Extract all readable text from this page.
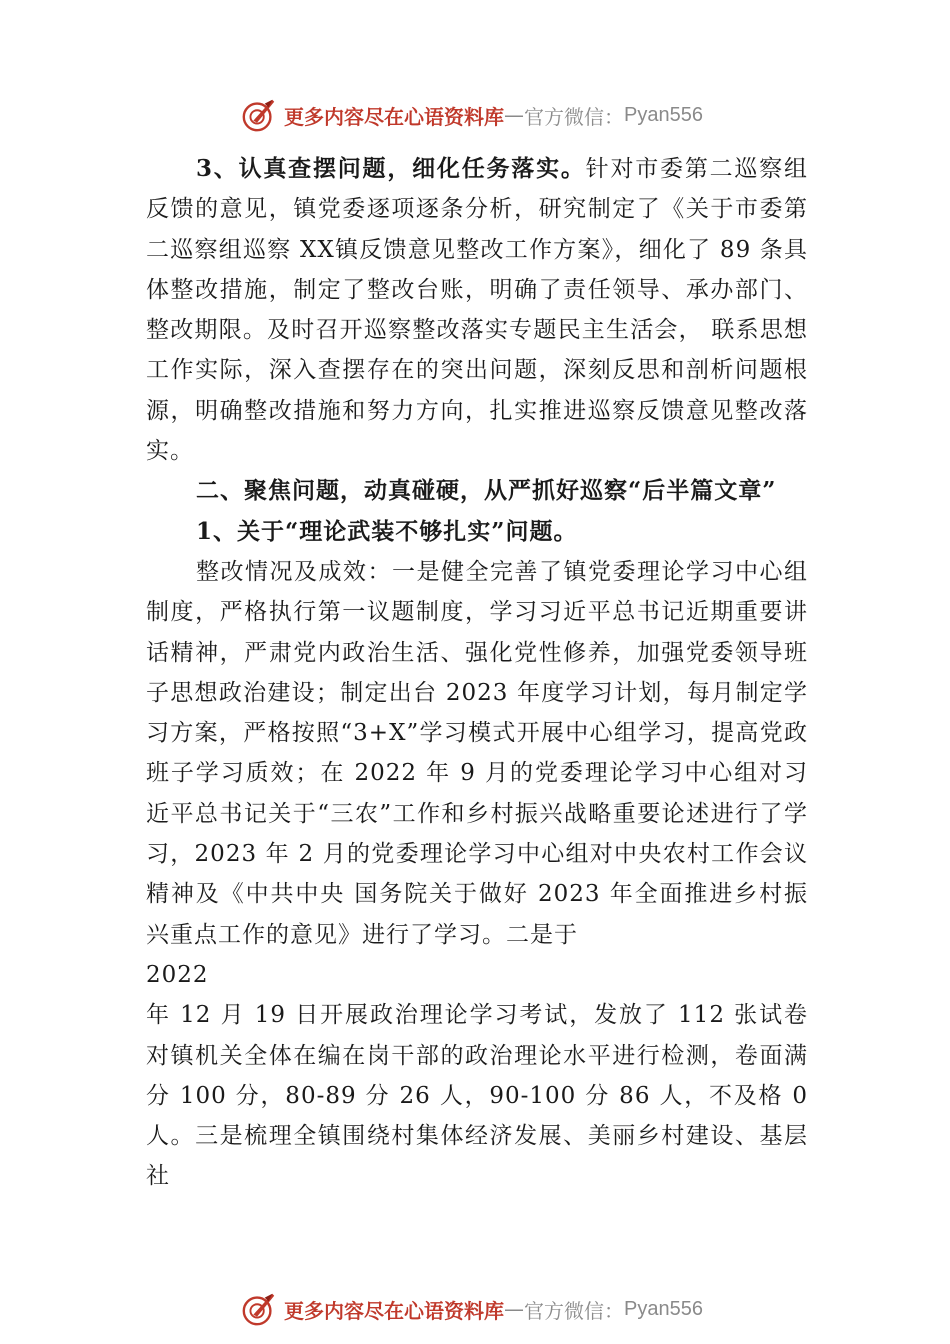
更多内容尽在心语资料库 — 官方微信： Pyan556

3、认真查摆问题，细化任务落实。针对市委第二巡察组反馈的意见，镇党委逐项逐条分析，研究制定了《关于市委第二巡察组巡察 XX镇反馈意见整改工作方案》，细化了 89 条具体整改措施，制定了整改台账，明确了责任领导、承办部门、整改期限。及时召开巡察整改落实专题民主生活会， 联系思想工作实际，深入查摆存在的突出问题，深刻反思和剖析问题根源，明确整改措施和努力方向，扎实推进巡察反馈意见整改落实。

二、聚焦问题，动真碰硬，从严抓好巡察“后半篇文章”

1、关于“理论武装不够扎实”问题。

整改情况及成效：一是健全完善了镇党委理论学习中心组制度，严格执行第一议题制度，学习习近平总书记近期重要讲话精神，严肃党内政治生活、强化党性修养，加强党委领导班子思想政治建设；制定出台 2023 年度学习计划，每月制定学习方案，严格按照“3+X”学习模式开展中心组学习，提高党政班子学习质效；在 2022 年 9 月的党委理论学习中心组对习近平总书记关于“三农”工作和乡村振兴战略重要论述进行了学习，2023 年 2 月的党委理论学习中心组对中央农村工作会议精神及《中共中央 国务院关于做好 2023 年全面推进乡村振兴重点工作的意见》进行了学习。二是于

2022

年 12 月 19 日开展政治理论学习考试，发放了 112 张试卷对镇机关全体在编在岗干部的政治理论水平进行检测，卷面满分 100 分，80-89 分 26 人，90-100 分 86 人，不及格 0 人。三是梳理全镇围绕村集体经济发展、美丽乡村建设、基层社

更多内容尽在心语资料库 — 官方微信： Pyan556
